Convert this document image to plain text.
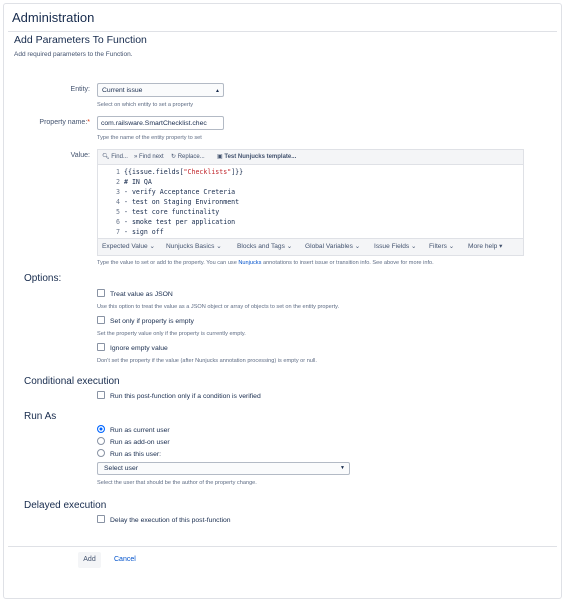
Administration
Add Parameters To Function
Add required parameters to the Function.
Entity:	Current issue	▲

Select on which entity to set a property
Property name:*	com.railsware.SmartChecklist.chec
Type the name of the entity property to set
Value: 🔍︎ Find... » Find next ↻ Replace... ▣ Test Nunjucks template...
1 {{issue.fields["Checklists"]}}
2 # IN QA
3 - verify Acceptance Creteria
4 - test on Staging Environment
5 - test core functinality
6 - smoke test per application
7 - sign off
Expected Value ⌄ Nunjucks Basics ⌄ Blocks and Tags ⌄ Global Variables ⌄ Issue Fields ⌄ Filters ⌄ More help ▾
Type the value to set or add to the property. You can use Nunjucks annotations to insert issue or transition info. See above for more info.
Options:
Treat value as JSON
Use this option to treat the value as a JSON object or array of objects to set on the entity property.
Set only if property is empty
Set the property value only if the property is currently empty.
Ignore empty value
Don't set the property if the value (after Nunjucks annotation processing) is empty or null.
Conditional execution
Run this post-function only if a condition is verified
Run As
Run as current user
Run as add-on user
Run as this user:
Select user	▼
Select the user that should be the author of the property change.
Delayed execution
Delay the execution of this post-function
Add	Cancel
